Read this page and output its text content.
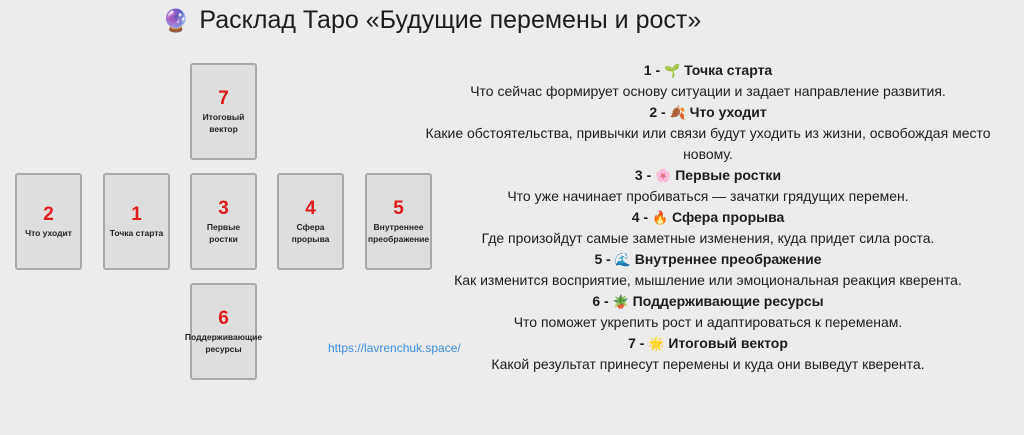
🔮 Расклад Таро «Будущие перемены и рост»
7
Итоговый вектор
2
Что уходит
1
Точка старта
3
Первые ростки
4
Сфера прорыва
5
Внутреннее преображение
6
Поддерживающие ресурсы	https://lavrenchuk.space/
1 - 🌱 Точка старта
Что сейчас формирует основу ситуации и задает направление развития.
2 - 🍂 Что уходит
Какие обстоятельства, привычки или связи будут уходить из жизни, освобождая место новому.
3 - 🌸 Первые ростки
Что уже начинает пробиваться — зачатки грядущих перемен.
4 - 🔥 Сфера прорыва
Где произойдут самые заметные изменения, куда придет сила роста.
5 - 🌊 Внутреннее преображение
Как изменится восприятие, мышление или эмоциональная реакция кверента.
6 - 🪴 Поддерживающие ресурсы
Что поможет укрепить рост и адаптироваться к переменам.
7 - 🌟 Итоговый вектор
Какой результат принесут перемены и куда они выведут кверента.
